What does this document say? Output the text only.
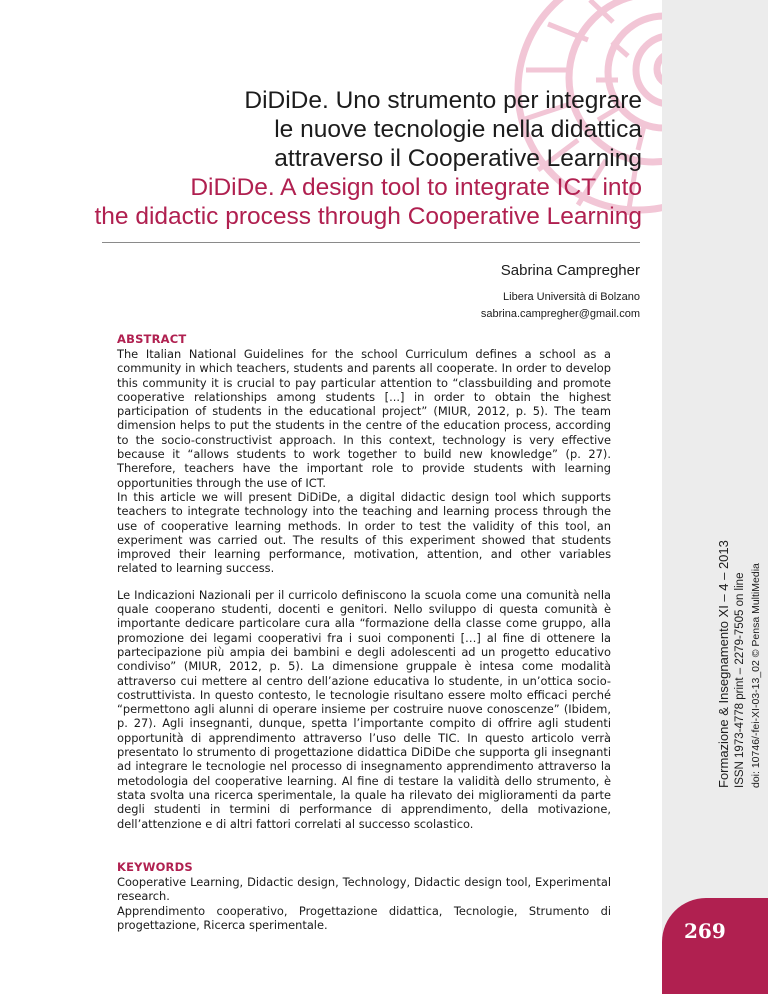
DiDiDe. Uno strumento per integrare
le nuove tecnologie nella didattica
attraverso il Cooperative Learning
DiDiDe. A design tool to integrate ICT into
the didactic process through Cooperative Learning
Sabrina Campregher
Libera Università di Bolzano
sabrina.campregher@gmail.com
ABSTRACT

The Italian National Guidelines for the school Curriculum defines a school as a community in which teachers, students and parents all cooperate. In order to develop this community it is crucial to pay particular attention to “classbuilding and promote cooperative relationships among students [...] in order to obtain the highest participation of students in the educational project” (MIUR, 2012, p. 5). The team dimension helps to put the students in the centre of the education process, according to the socio-constructivist approach. In this context, technology is very effective because it “allows students to work together to build new knowledge” (p. 27). Therefore, teachers have the important role to provide students with learning opportunities through the use of ICT.

In this article we will present DiDiDe, a digital didactic design tool which supports teachers to integrate technology into the teaching and learning process through the use of cooperative learning methods. In order to test the validity of this tool, an experiment was carried out. The results of this experiment showed that students improved their learning performance, motivation, attention, and other variables related to learning success.

Le Indicazioni Nazionali per il curricolo definiscono la scuola come una comunità nella quale cooperano studenti, docenti e genitori. Nello sviluppo di questa comunità è importante dedicare particolare cura alla “formazione della classe come gruppo, alla promozione dei legami cooperativi fra i suoi componenti […] al fine di ottenere la partecipazione più ampia dei bambini e degli adolescenti ad un progetto educativo condiviso” (MIUR, 2012, p. 5). La dimensione gruppale è intesa come modalità attraverso cui mettere al centro dell’azione educativa lo studente, in un’ottica socio-costruttivista. In questo contesto, le tecnologie risultano essere molto efficaci perché “permettono agli alunni di operare insieme per costruire nuove conoscenze” (Ibidem, p. 27). Agli insegnanti, dunque, spetta l’importante compito di offrire agli studenti opportunità di apprendimento attraverso l’uso delle TIC. In questo articolo verrà presentato lo strumento di progettazione didattica DiDiDe che supporta gli insegnanti ad integrare le tecnologie nel processo di insegnamento apprendimento attraverso la metodologia del cooperative learning. Al fine di testare la validità dello strumento, è stata svolta una ricerca sperimentale, la quale ha rilevato dei miglioramenti da parte degli studenti in termini di performance di apprendimento, della motivazione, dell’attenzione e di altri fattori correlati al successo scolastico.

KEYWORDS

Cooperative Learning, Didactic design, Technology, Didactic design tool, Experimental research.

Apprendimento cooperativo, Progettazione didattica, Tecnologie, Strumento di progettazione, Ricerca sperimentale.

Formazione & Insegnamento XI – 4 – 2013 ISSN 1973-4778 print – 2279-7505 on line doi: 10746/-fei-XI-03-13_02 © Pensa MultiMedia
269
